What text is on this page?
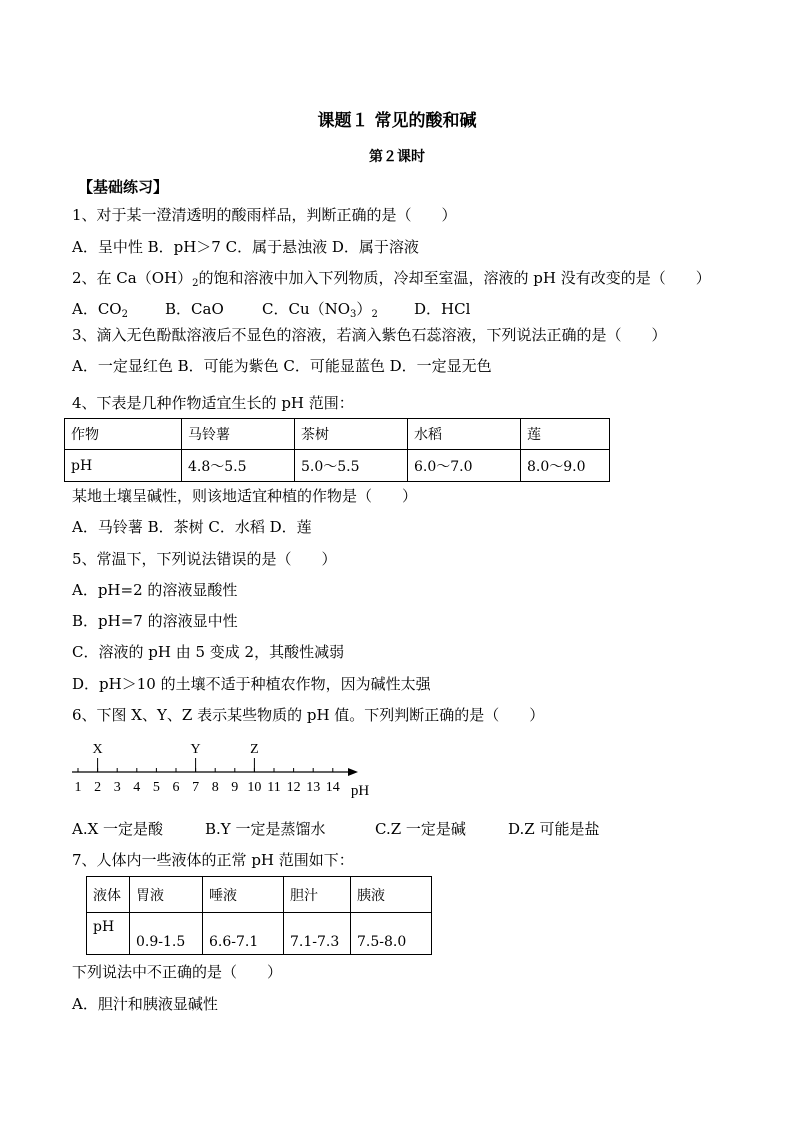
课题１ 常见的酸和碱
第２课时
【基础练习】
1、对于某一澄清透明的酸雨样品，判断正确的是（　　）
A．呈中性 B．pH＞7 C．属于悬浊液 D．属于溶液
2、在 $Ca(OH)_2$的饱和溶液中加入下列物质，冷却至室温，溶液的 pH 没有改变的是（　　）
A．$CO_2$ B．CaO	C．$Cu(NO_3)_2$ D．HCl
3、滴入无色酚酞溶液后不显色的溶液，若滴入紫色石蕊溶液，下列说法正确的是（　　）
A．一定显红色 B．可能为紫色 C．可能显蓝色 D．一定显无色
4、下表是几种作物适宜生长的 pH 范围：
作物	马铃薯	茶树	水稻	莲
pH	4.8～5.5	5.0～5.5	6.0～7.0	8.0～9.0
某地土壤呈碱性，则该地适宜种植的作物是（　　）
A．马铃薯 B．茶树 C．水稻 D．莲
5、常温下，下列说法错误的是（　　）
A．pH=2 的溶液显酸性
B．pH=7 的溶液显中性
C．溶液的 pH 由 5 变成 2，其酸性减弱
D．pH＞10 的土壤不适于种植农作物，因为碱性太强
6、下图 X、Y、Z 表示某些物质的 pH 值。下列判断正确的是（　　）
1 2 3 4 5 6 7 8 9 10 11 12 13 14
X	Y	Z
pH
A.X 一定是酸	B.Y 一定是蒸馏水	C.Z 一定是碱	D.Z 可能是盐
7、人体内一些液体的正常 pH 范围如下：
液体	胃液	唾液	胆汁	胰液
pH	0.9-1.5	6.6-7.1	7.1-7.3	7.5-8.0
下列说法中不正确的是（　　）
A．胆汁和胰液显碱性
